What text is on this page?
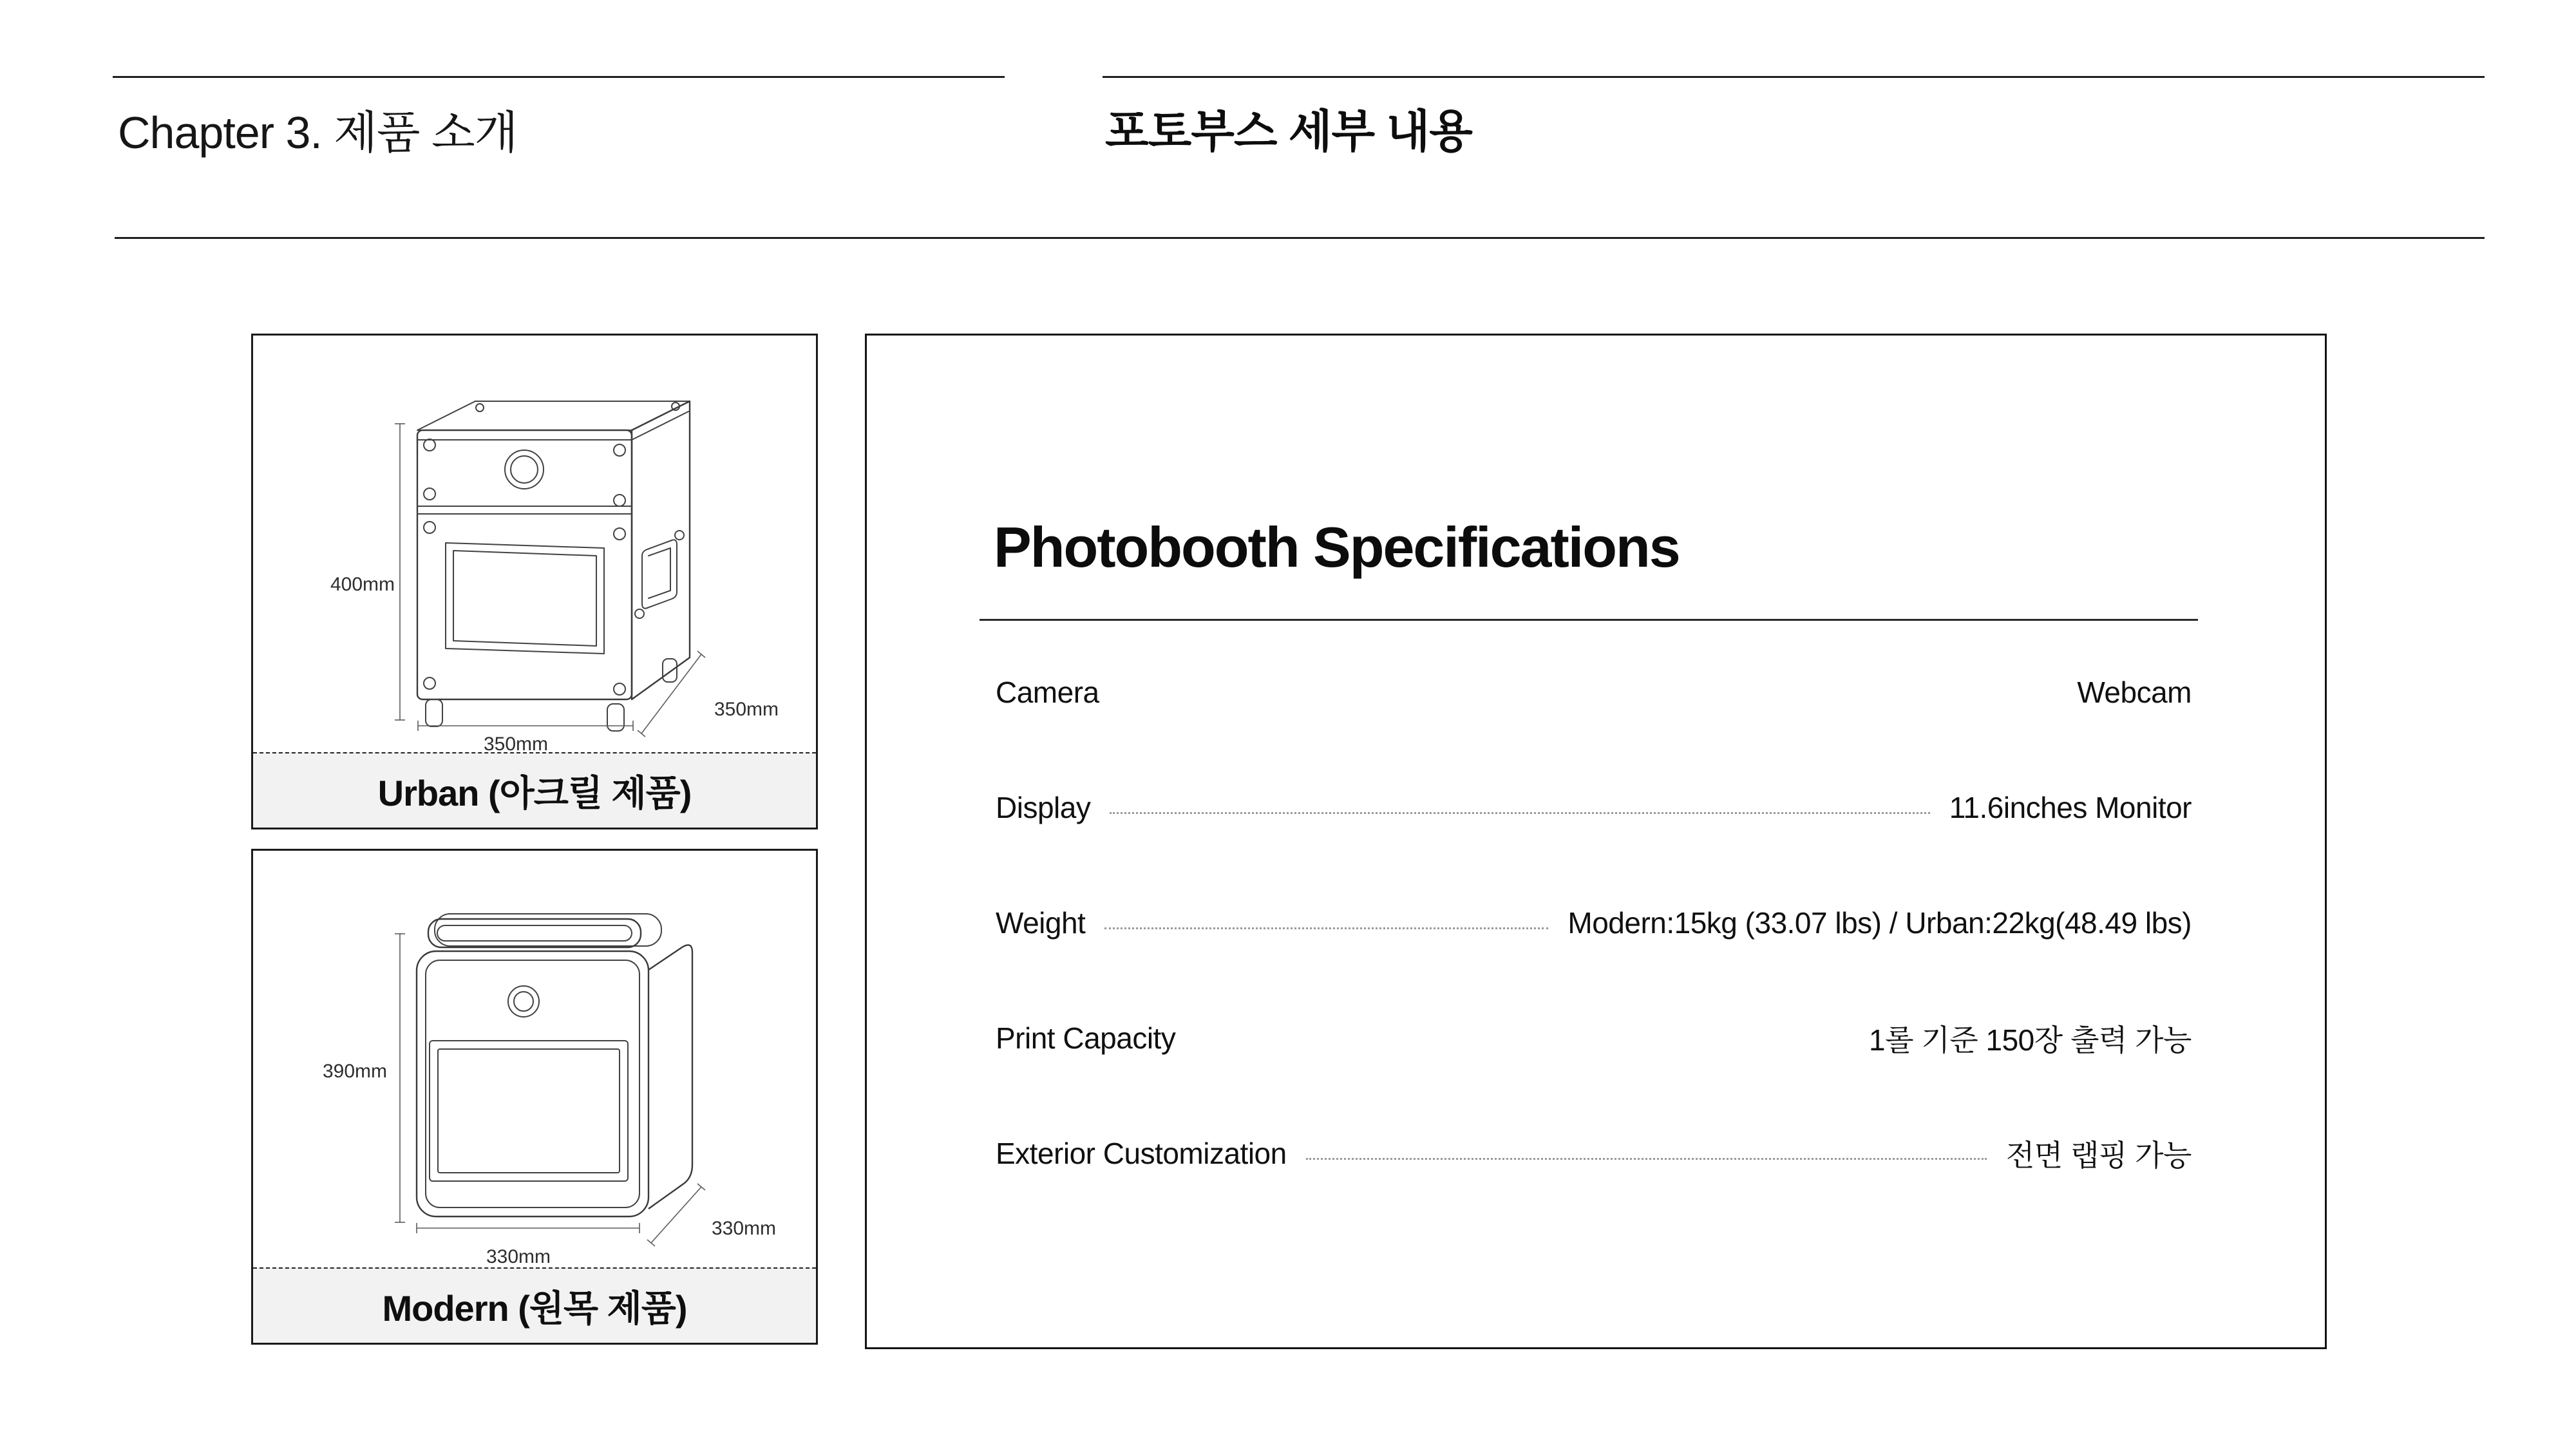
Chapter 3. 제품 소개	포토부스 세부 내용
400mm
350mm
350mm
Urban (아크릴 제품)
390mm
330mm
330mm
Modern (원목 제품)
Photobooth Specifications
Camera	Webcam
Display	11.6inches Monitor
Weight	Modern:15kg (33.07 lbs) / Urban:22kg(48.49 lbs)
Print Capacity	1롤 기준 150장 출력 가능
Exterior Customization	전면 랩핑 가능
